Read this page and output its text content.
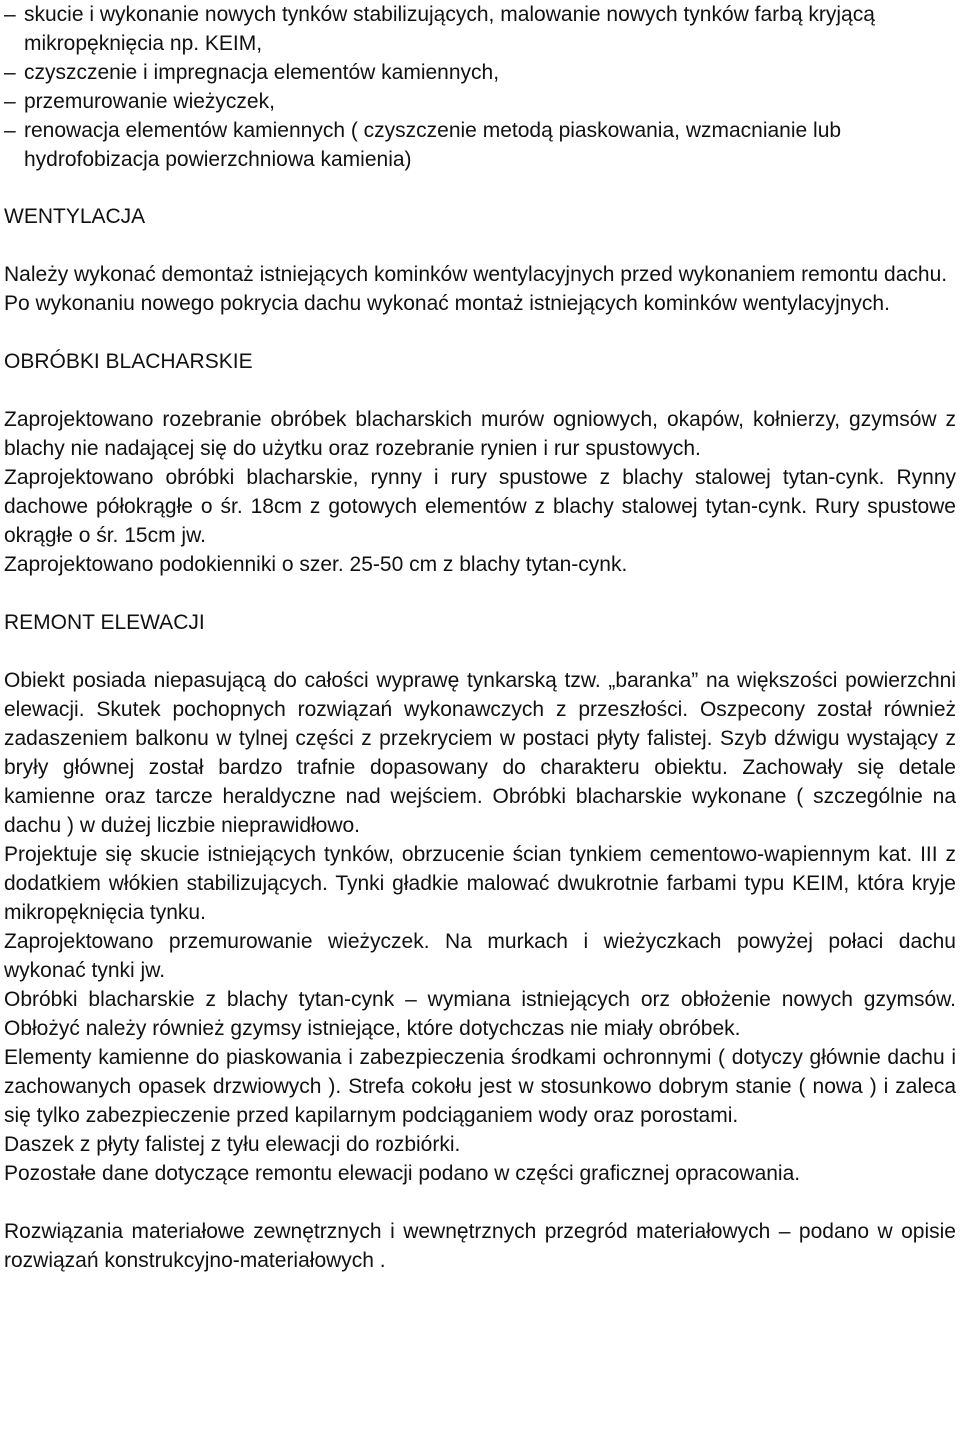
– skucie i wykonanie nowych tynków stabilizujących, malowanie nowych tynków farbą kryjącą mikropęknięcia np. KEIM,
– czyszczenie i impregnacja elementów kamiennych,
– przemurowanie wieżyczek,
– renowacja elementów kamiennych ( czyszczenie metodą piaskowania, wzmacnianie lub hydrofobizacja powierzchniowa kamienia)
WENTYLACJA

Należy wykonać demontaż istniejących kominków wentylacyjnych przed wykonaniem remontu dachu. Po wykonaniu nowego pokrycia dachu wykonać montaż istniejących kominków wentylacyjnych.

OBRÓBKI BLACHARSKIE

Zaprojektowano rozebranie obróbek blacharskich murów ogniowych, okapów, kołnierzy, gzymsów z blachy nie nadającej się do użytku oraz rozebranie rynien i rur spustowych.

Zaprojektowano obróbki blacharskie, rynny i rury spustowe z blachy stalowej tytan-cynk. Rynny dachowe półokrągłe o śr. 18cm z gotowych elementów z blachy stalowej tytan-cynk. Rury spustowe okrągłe o śr. 15cm jw.

Zaprojektowano podokienniki o szer. 25-50 cm z blachy tytan-cynk.

REMONT ELEWACJI

Obiekt posiada niepasującą do całości wyprawę tynkarską tzw. „baranka” na większości powierzchni elewacji. Skutek pochopnych rozwiązań wykonawczych z przeszłości. Oszpecony został również zadaszeniem balkonu w tylnej części z przekryciem w postaci płyty falistej. Szyb dźwigu wystający z bryły głównej został bardzo trafnie dopasowany do charakteru obiektu. Zachowały się detale kamienne oraz tarcze heraldyczne nad wejściem. Obróbki blacharskie wykonane ( szczególnie na dachu ) w dużej liczbie nieprawidłowo.

Projektuje się skucie istniejących tynków, obrzucenie ścian tynkiem cementowo-wapiennym kat. III z dodatkiem włókien stabilizujących. Tynki gładkie malować dwukrotnie farbami typu KEIM, która kryje mikropęknięcia tynku.

Zaprojektowano przemurowanie wieżyczek. Na murkach i wieżyczkach powyżej połaci dachu wykonać tynki jw.

Obróbki blacharskie z blachy tytan-cynk – wymiana istniejących orz obłożenie nowych gzymsów. Obłożyć należy również gzymsy istniejące, które dotychczas nie miały obróbek.

Elementy kamienne do piaskowania i zabezpieczenia środkami ochronnymi ( dotyczy głównie dachu i zachowanych opasek drzwiowych ). Strefa cokołu jest w stosunkowo dobrym stanie ( nowa ) i zaleca się tylko zabezpieczenie przed kapilarnym podciąganiem wody oraz porostami.

Daszek z płyty falistej z tyłu elewacji do rozbiórki.

Pozostałe dane dotyczące remontu elewacji podano w części graficznej opracowania.

Rozwiązania materiałowe zewnętrznych i wewnętrznych przegród materiałowych – podano w opisie rozwiązań konstrukcyjno-materiałowych .
